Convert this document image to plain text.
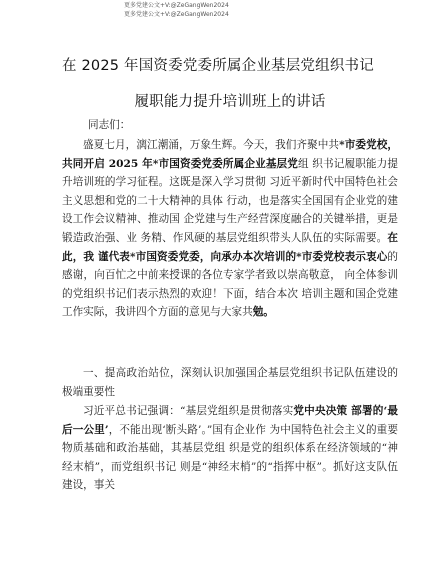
更多党建公文+V:@ZeGangWen2024
更多党建公文+V:@ZeGangWen2024
在 2025 年国资委党委所属企业基层党组织书记
履职能力提升培训班上的讲话
同志们：
盛夏七月，漓江潮涌，万象生辉。今天，我们齐聚中共*市委党校，共同开启 2025 年*市国资委党委所属企业基层党组 织书记履职能力提升培训班的学习征程。这既是深入学习贯彻 习近平新时代中国特色社会主义思想和党的二十大精神的具体 行动，也是落实全国国有企业党的建设工作会议精神、推动国 企党建与生产经营深度融合的关键举措，更是锻造政治强、业 务精、作风硬的基层党组织带头人队伍的实际需要。在此，我 谨代表*市国资委党委，向承办本次培训的*市委党校表示衷心的感谢，向百忙之中前来授课的各位专家学者致以崇高敬意， 向全体参训的党组织书记们表示热烈的欢迎！下面，结合本次 培训主题和国企党建工作实际，我讲四个方面的意见与大家共勉。
一、提高政治站位，深刻认识加强国企基层党组织书记队伍建设的极端重要性
习近平总书记强调：“基层党组织是贯彻落实党中央决策 部署的‘最后一公里’，不能出现‘断头路’。”国有企业作 为中国特色社会主义的重要物质基础和政治基础，其基层党组 织是党的组织体系在经济领域的“神经末梢”，而党组织书记 则是“神经末梢”的“指挥中枢”。抓好这支队伍建设，事关
